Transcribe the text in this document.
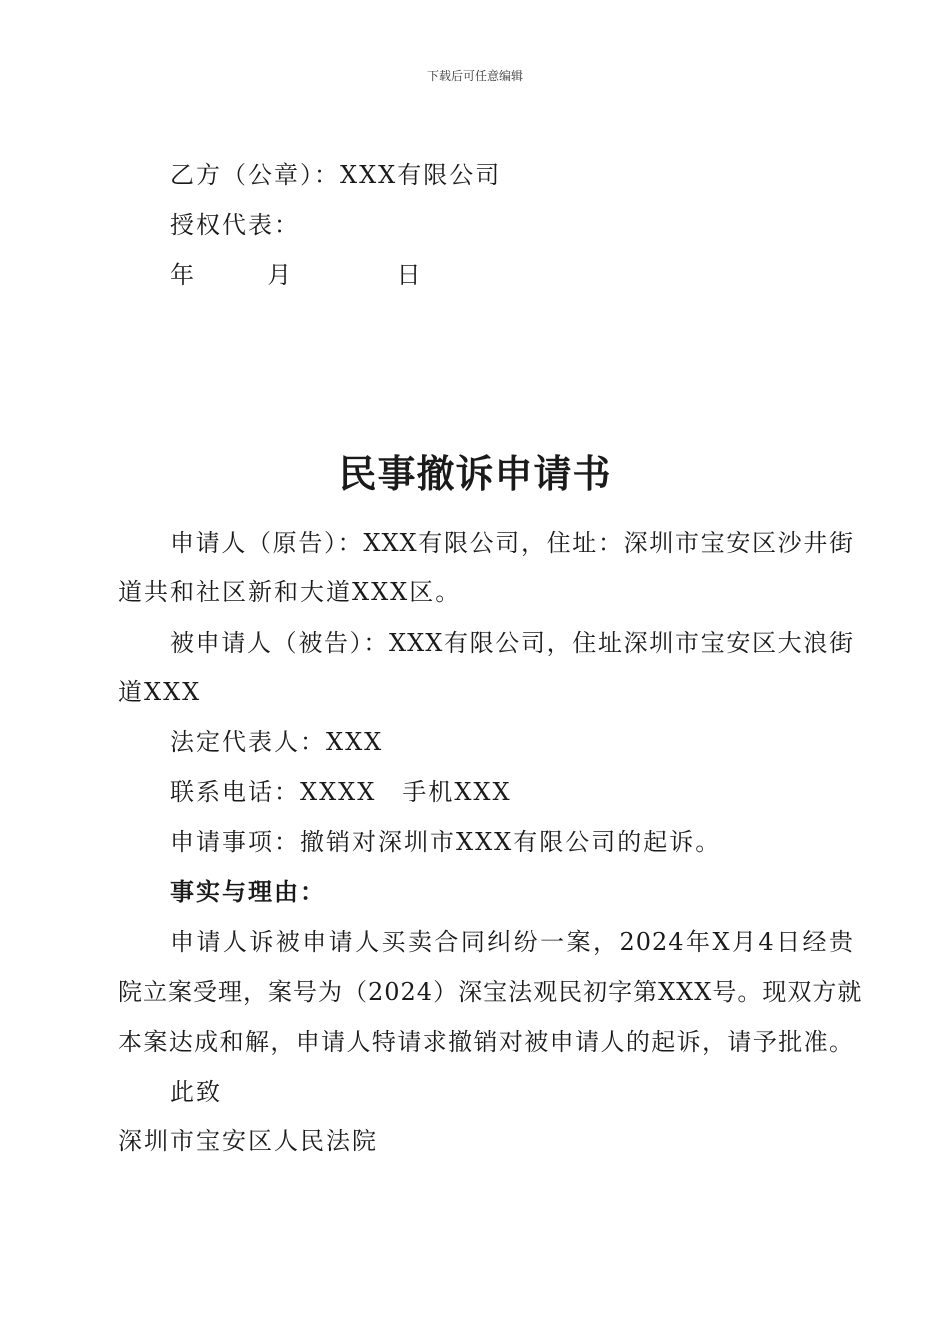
下载后可任意编辑
乙方（公章）：XXX有限公司
授权代表：
年	月	日
民事撤诉申请书
申请人（原告）：XXX有限公司，住址：深圳市宝安区沙井街
道共和社区新和大道XXX区。
被申请人（被告）：XXX有限公司，住址深圳市宝安区大浪街
道XXX
法定代表人：XXX
联系电话：XXXX　手机XXX
申请事项：撤销对深圳市XXX有限公司的起诉。
事实与理由：
申请人诉被申请人买卖合同纠纷一案，2024年X月4日经贵
院立案受理，案号为（2024）深宝法观民初字第XXX号。现双方就
本案达成和解，申请人特请求撤销对被申请人的起诉，请予批准。
此致
深圳市宝安区人民法院
